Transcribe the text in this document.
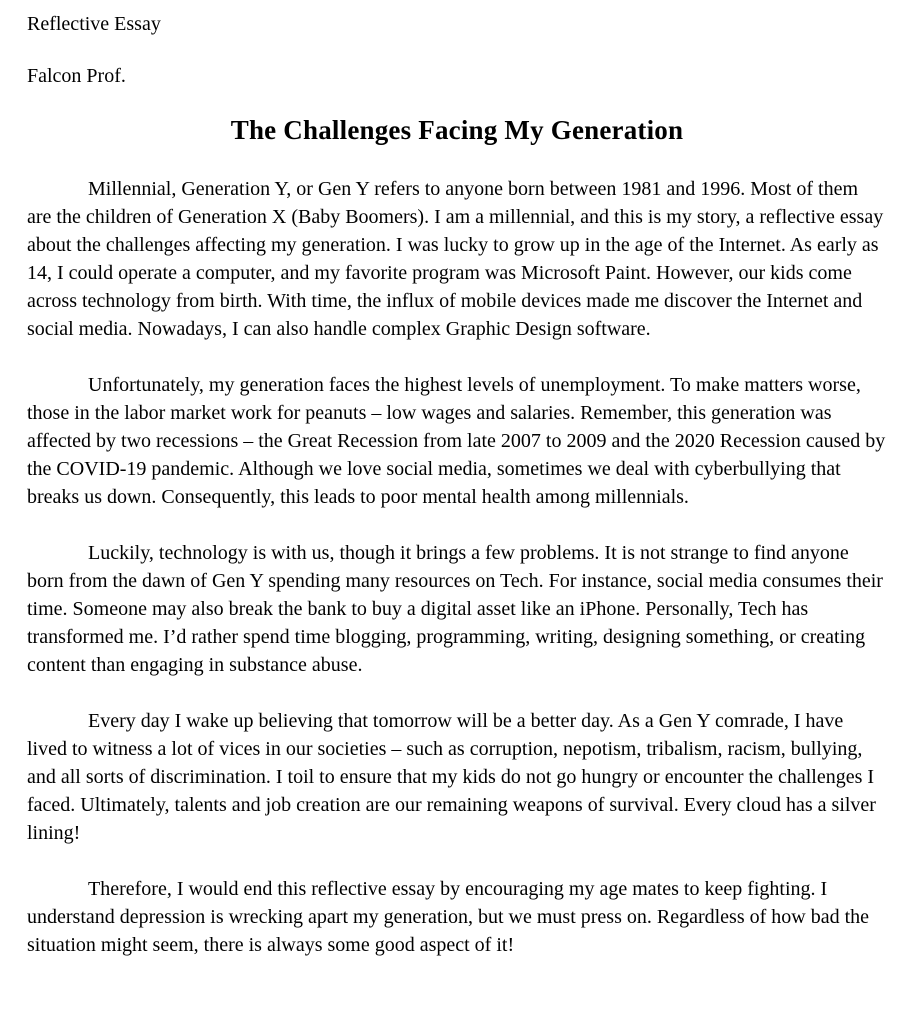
Reflective Essay
Falcon Prof.
The Challenges Facing My Generation

Millennial, Generation Y, or Gen Y refers to anyone born between 1981 and 1996. Most of them are the children of Generation X (Baby Boomers). I am a millennial, and this is my story, a reflective essay about the challenges affecting my generation. I was lucky to grow up in the age of the Internet. As early as 14, I could operate a computer, and my favorite program was Microsoft Paint. However, our kids come across technology from birth. With time, the influx of mobile devices made me discover the Internet and social media. Nowadays, I can also handle complex Graphic Design software.

Unfortunately, my generation faces the highest levels of unemployment. To make matters worse, those in the labor market work for peanuts – low wages and salaries. Remember, this generation was affected by two recessions – the Great Recession from late 2007 to 2009 and the 2020 Recession caused by the COVID-19 pandemic. Although we love social media, sometimes we deal with cyberbullying that breaks us down. Consequently, this leads to poor mental health among millennials.

Luckily, technology is with us, though it brings a few problems. It is not strange to find anyone born from the dawn of Gen Y spending many resources on Tech. For instance, social media consumes their time. Someone may also break the bank to buy a digital asset like an iPhone. Personally, Tech has transformed me. I’d rather spend time blogging, programming, writing, designing something, or creating content than engaging in substance abuse.

Every day I wake up believing that tomorrow will be a better day. As a Gen Y comrade, I have lived to witness a lot of vices in our societies – such as corruption, nepotism, tribalism, racism, bullying, and all sorts of discrimination. I toil to ensure that my kids do not go hungry or encounter the challenges I faced. Ultimately, talents and job creation are our remaining weapons of survival. Every cloud has a silver lining!

Therefore, I would end this reflective essay by encouraging my age mates to keep fighting. I understand depression is wrecking apart my generation, but we must press on. Regardless of how bad the situation might seem, there is always some good aspect of it!
